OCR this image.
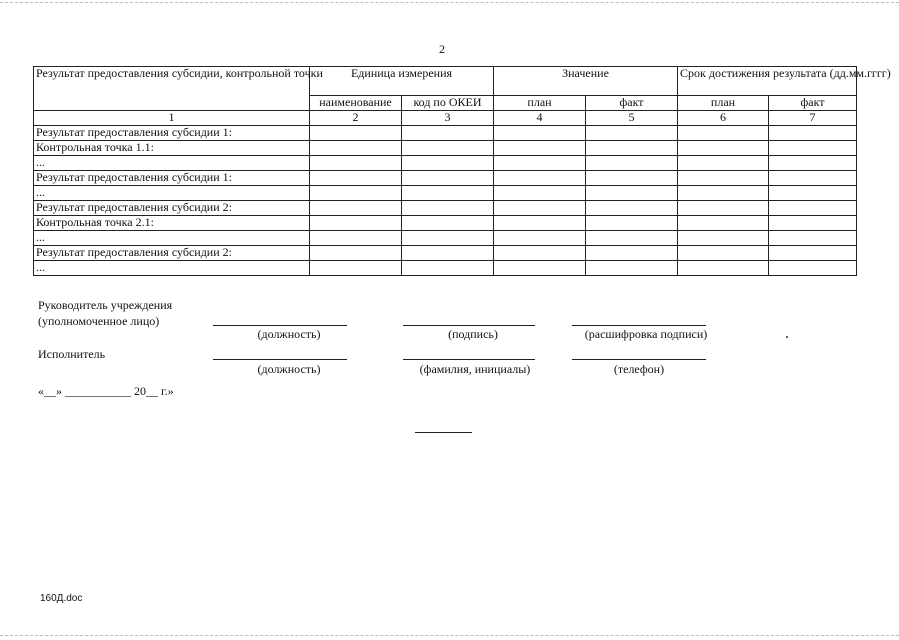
2
Результат предоставления субсидии, контрольной точки	Единица измерения		Значение		Срок достижения результата (дд.мм.гггг)	
	наименование	код по ОКЕИ	план	факт	план	факт
1	2	3	4	5	6	7
Результат предоставления субсидии 1:						
Контрольная точка 1.1:						
...						
Результат предоставления субсидии 1:						
...						
Результат предоставления субсидии 2:						
Контрольная точка 2.1:						
...						
Результат предоставления субсидии 2:						
...						
Руководитель учреждения
(уполномоченное лицо)
(должность)	(подпись)	(расшифровка подписи)
Исполнитель
(должность)	(фамилия, инициалы)	(телефон)
«__» ___________ 20__ г.»
160Д.doc
